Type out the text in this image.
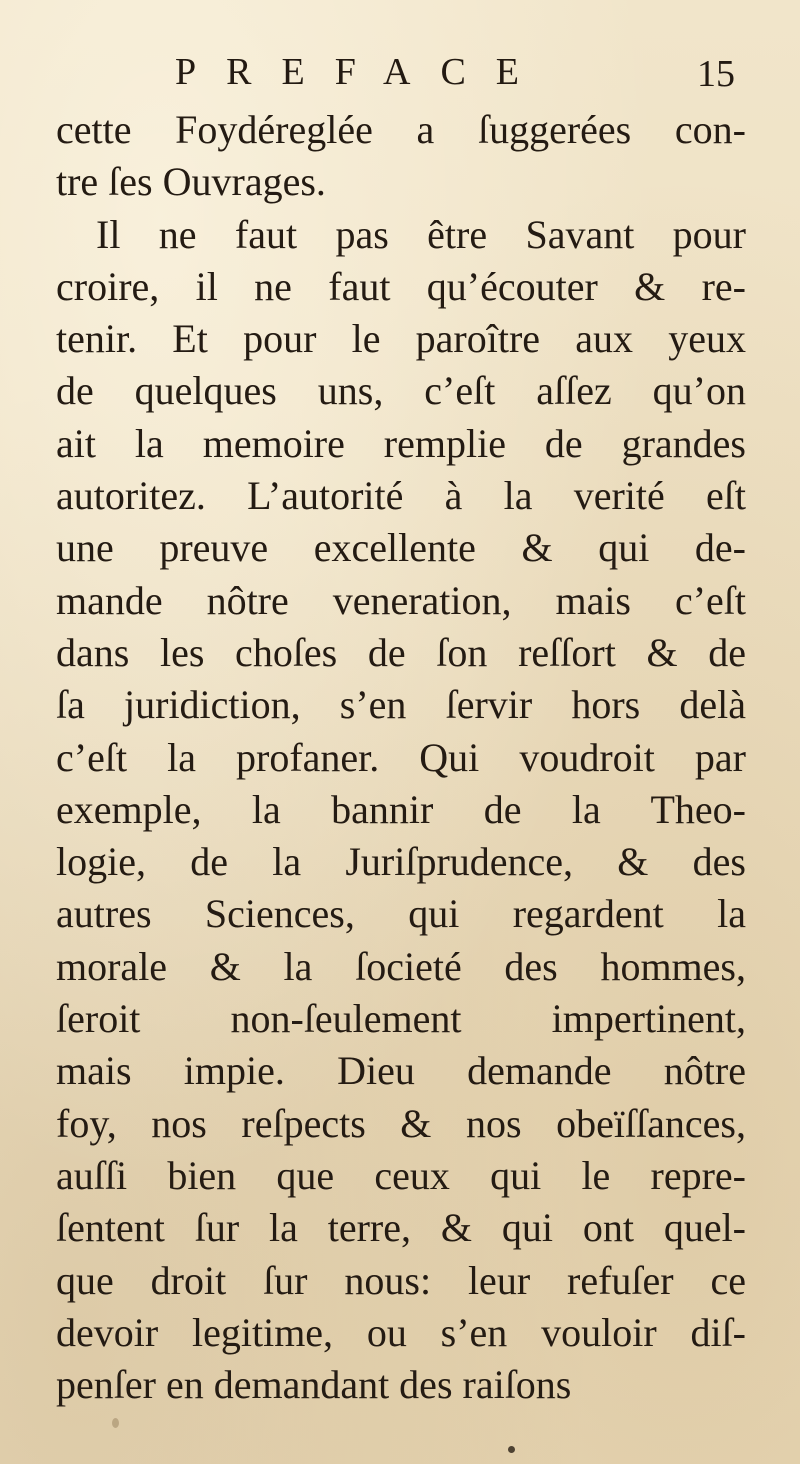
PREFACE	15
cette Foydéreglée a ſuggerées con-
tre ſes Ouvrages.
Il ne faut pas être Savant pour
croire, il ne faut qu’écouter & re-
tenir. Et pour le paroître aux yeux
de quelques uns, c’eſt aſſez qu’on
ait la memoire remplie de grandes
autoritez. L’autorité à la verité eſt
une preuve excellente & qui de-
mande nôtre veneration, mais c’eſt
dans les choſes de ſon reſſort & de
ſa juridiction, s’en ſervir hors delà
c’eſt la profaner. Qui voudroit par
exemple, la bannir de la Theo-
logie, de la Juriſprudence, & des
autres Sciences, qui regardent la
morale & la ſocieté des hommes,
ſeroit non-ſeulement impertinent,
mais impie. Dieu demande nôtre
foy, nos reſpects & nos obeïſſances,
auſſi bien que ceux qui le repre-
ſentent ſur la terre, & qui ont quel-
que droit ſur nous: leur refuſer ce
devoir legitime, ou s’en vouloir diſ-
penſer en demandant des raiſons
